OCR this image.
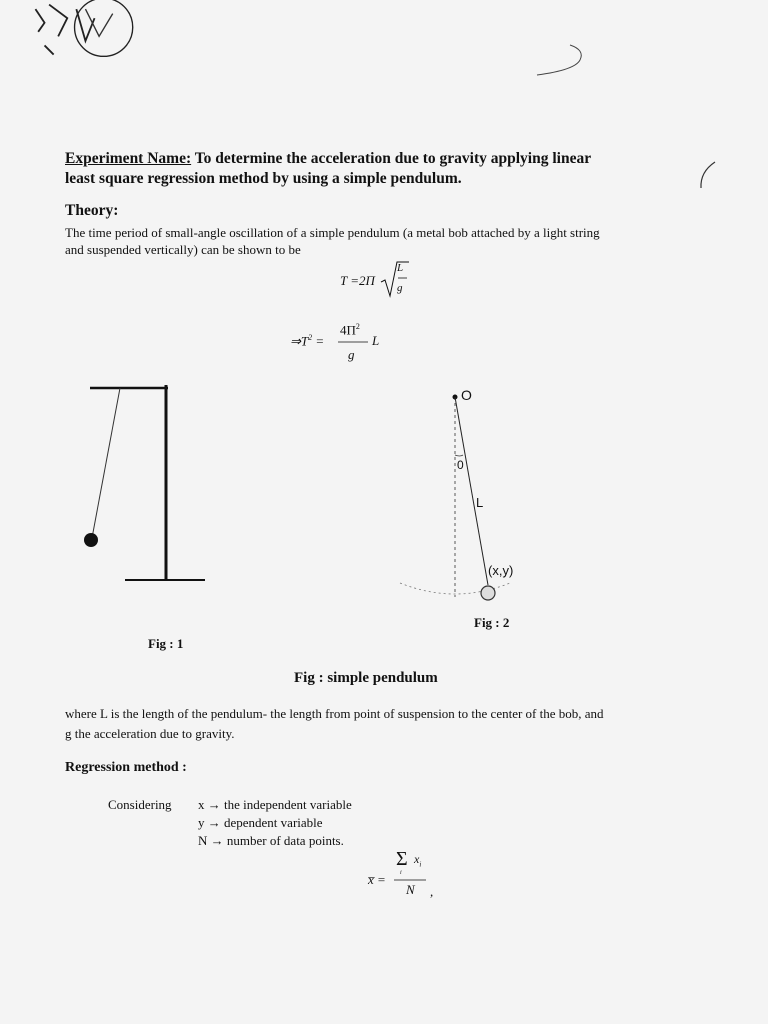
Experiment Name: To determine the acceleration due to gravity applying linear
least square regression method by using a simple pendulum.
Theory:
The time period of small-angle oscillation of a simple pendulum (a metal bob attached by a light string
and suspended vertically) can be shown to be
T =2Π
L
g
$\Rightarrow T^2$ =
$4\Pi^2$
g
L
Fig : 1
O
0
L
(x,y)
Fig : 2
Fig : simple pendulum
where L is the length of the pendulum- the length from point of suspension to the center of the bob, and
g the acceleration due to gravity.
Regression method :
Considering x → the independent variable
y → dependent variable
N → number of data points.
x̅ =
Σ $x_i$
i
N ,
